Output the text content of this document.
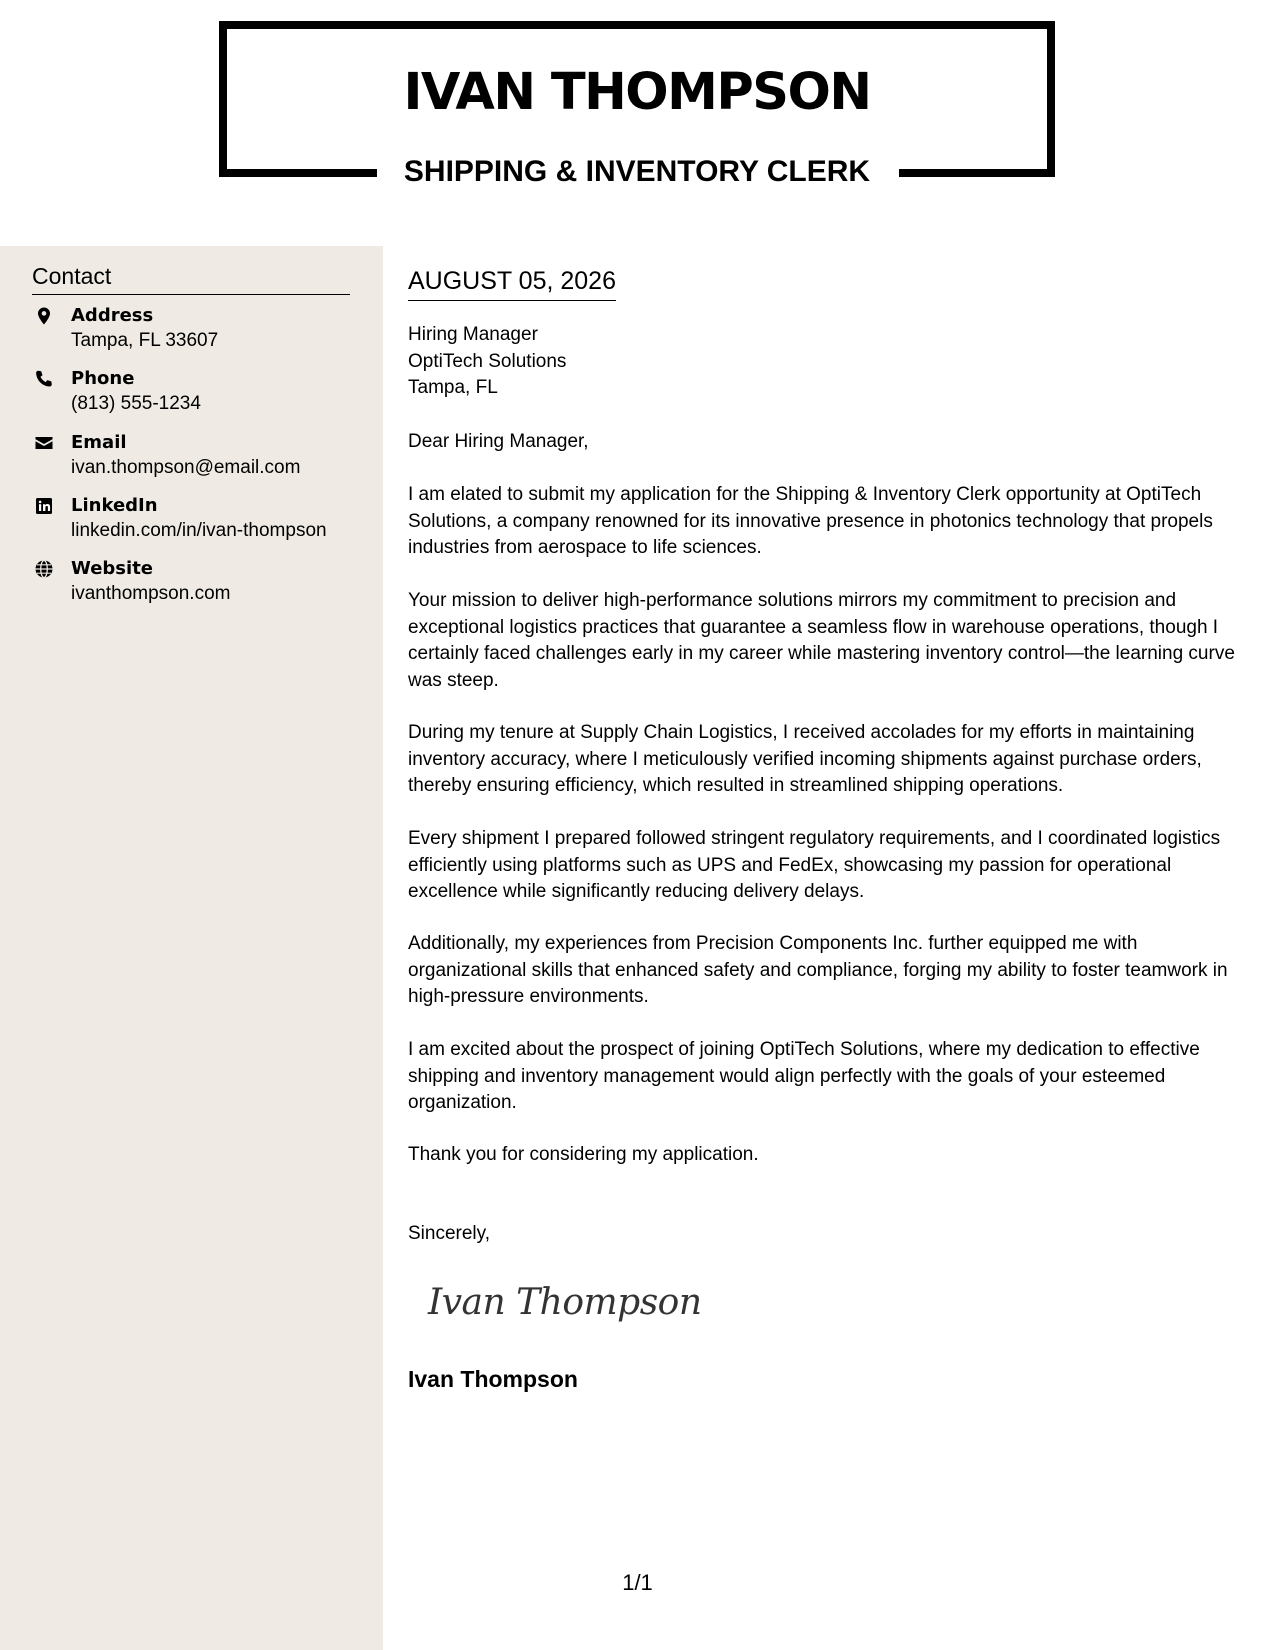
IVAN THOMPSON
SHIPPING & INVENTORY CLERK
Contact
Address
Tampa, FL 33607
Phone
(813) 555-1234
Email
ivan.thompson@email.com
LinkedIn
linkedin.com/in/ivan-thompson
Website
ivanthompson.com
AUGUST 05, 2026
Hiring Manager
OptiTech Solutions
Tampa, FL

Dear Hiring Manager,

I am elated to submit my application for the Shipping & Inventory Clerk opportunity at OptiTech Solutions, a company renowned for its innovative presence in photonics technology that propels industries from aerospace to life sciences.

Your mission to deliver high-performance solutions mirrors my commitment to precision and exceptional logistics practices that guarantee a seamless flow in warehouse operations, though I certainly faced challenges early in my career while mastering inventory control—the learning curve was steep.

During my tenure at Supply Chain Logistics, I received accolades for my efforts in maintaining inventory accuracy, where I meticulously verified incoming shipments against purchase orders, thereby ensuring efficiency, which resulted in streamlined shipping operations.

Every shipment I prepared followed stringent regulatory requirements, and I coordinated logistics efficiently using platforms such as UPS and FedEx, showcasing my passion for operational excellence while significantly reducing delivery delays.

Additionally, my experiences from Precision Components Inc. further equipped me with organizational skills that enhanced safety and compliance, forging my ability to foster teamwork in high-pressure environments.

I am excited about the prospect of joining OptiTech Solutions, where my dedication to effective shipping and inventory management would align perfectly with the goals of your esteemed organization.

Thank you for considering my application.

Sincerely,

Ivan Thompson
Ivan Thompson
1/1
